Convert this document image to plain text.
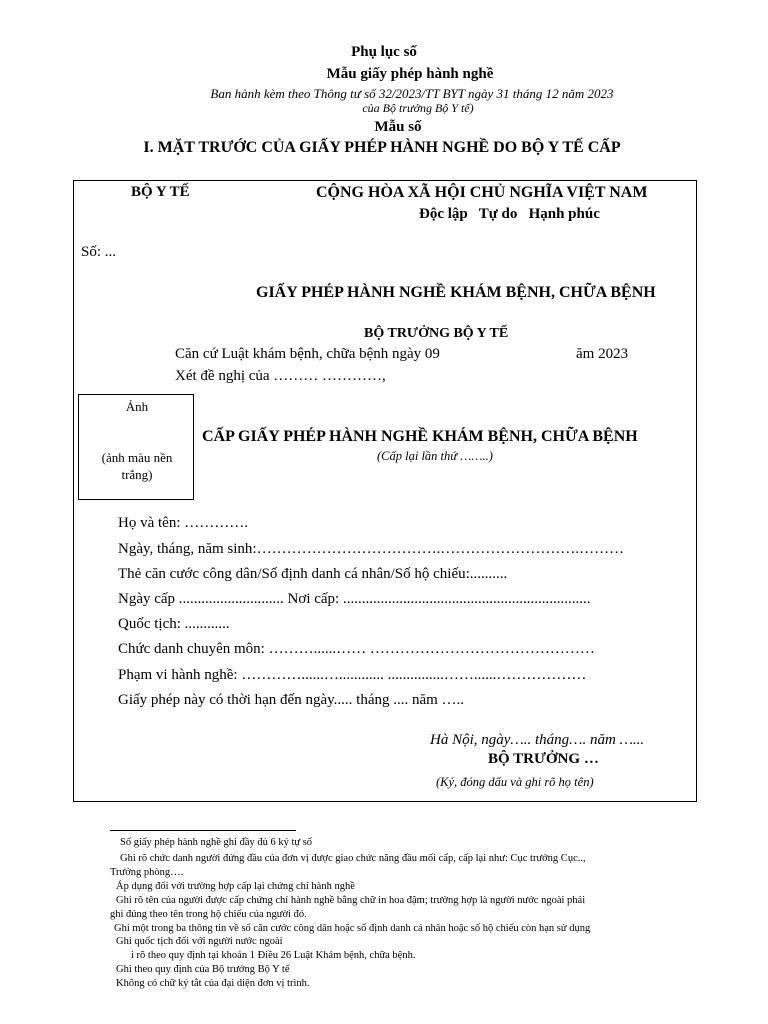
Phụ lục số
Mẫu giấy phép hành nghề
Ban hành kèm theo Thông tư số 32/2023/TT BYT ngày 31 tháng 12 năm 2023
của Bộ trưởng Bộ Y tế)
Mẫu số
I. MẶT TRƯỚC CỦA GIẤY PHÉP HÀNH NGHỀ DO BỘ Y TẾ CẤP
BỘ Y TẾ	CỘNG HÒA XÃ HỘI CHỦ NGHĨA VIỆT NAM
Độc lập   Tự do   Hạnh phúc
Số: ...
GIẤY PHÉP HÀNH NGHỀ KHÁM BỆNH, CHỮA BỆNH
BỘ TRƯỞNG BỘ Y TẾ
Căn cứ Luật khám bệnh, chữa bệnh ngày 09	ăm 2023
Xét đề nghị của ……… …………,
Ảnh
(ảnh màu nền
trắng)
CẤP GIẤY PHÉP HÀNH NGHỀ KHÁM BỆNH, CHỮA BỆNH
(Cấp lại lần thứ ……..)
Họ và tên: ………….
Ngày, tháng, năm sinh:……………………………….……………………….………
Thẻ căn cước công dân/Số định danh cá nhân/Số hộ chiếu:..........
Ngày cấp ............................ Nơi cấp: ..................................................................
Quốc tịch: ............
Chức danh chuyên môn: ………......…… ………………………………………
Phạm vi hành nghề: …………......…............ ...............……......………………
Giấy phép này có thời hạn đến ngày..... tháng .... năm …..
Hà Nội, ngày….. tháng…. năm …...
BỘ TRƯỞNG …
(Ký, đóng dấu và ghi rõ họ tên)
Số giấy phép hành nghề ghi đầy đủ 6 ký tự số
Ghi rõ chức danh người đứng đầu của đơn vị được giao chức năng đầu mối cấp, cấp lại như: Cục trưởng Cục..,
Trưởng phòng….
Áp dụng đối với trường hợp cấp lại chứng chỉ hành nghề
Ghi rõ tên của người được cấp chứng chỉ hành nghề bằng chữ in hoa đậm; trường hợp là người nước ngoài phải
ghi đúng theo tên trong hộ chiếu của người đó.
Ghi một trong ba thông tin về số căn cước công dân hoặc số định danh cá nhân hoặc số hộ chiếu còn hạn sử dụng
Ghi quốc tịch đối với người nước ngoài
i rõ theo quy định tại khoản 1 Điều 26 Luật Khám bệnh, chữa bệnh.
Ghi theo quy định của Bộ trưởng Bộ Y tế
Không có chữ ký tắt của đại diện đơn vị trình.
